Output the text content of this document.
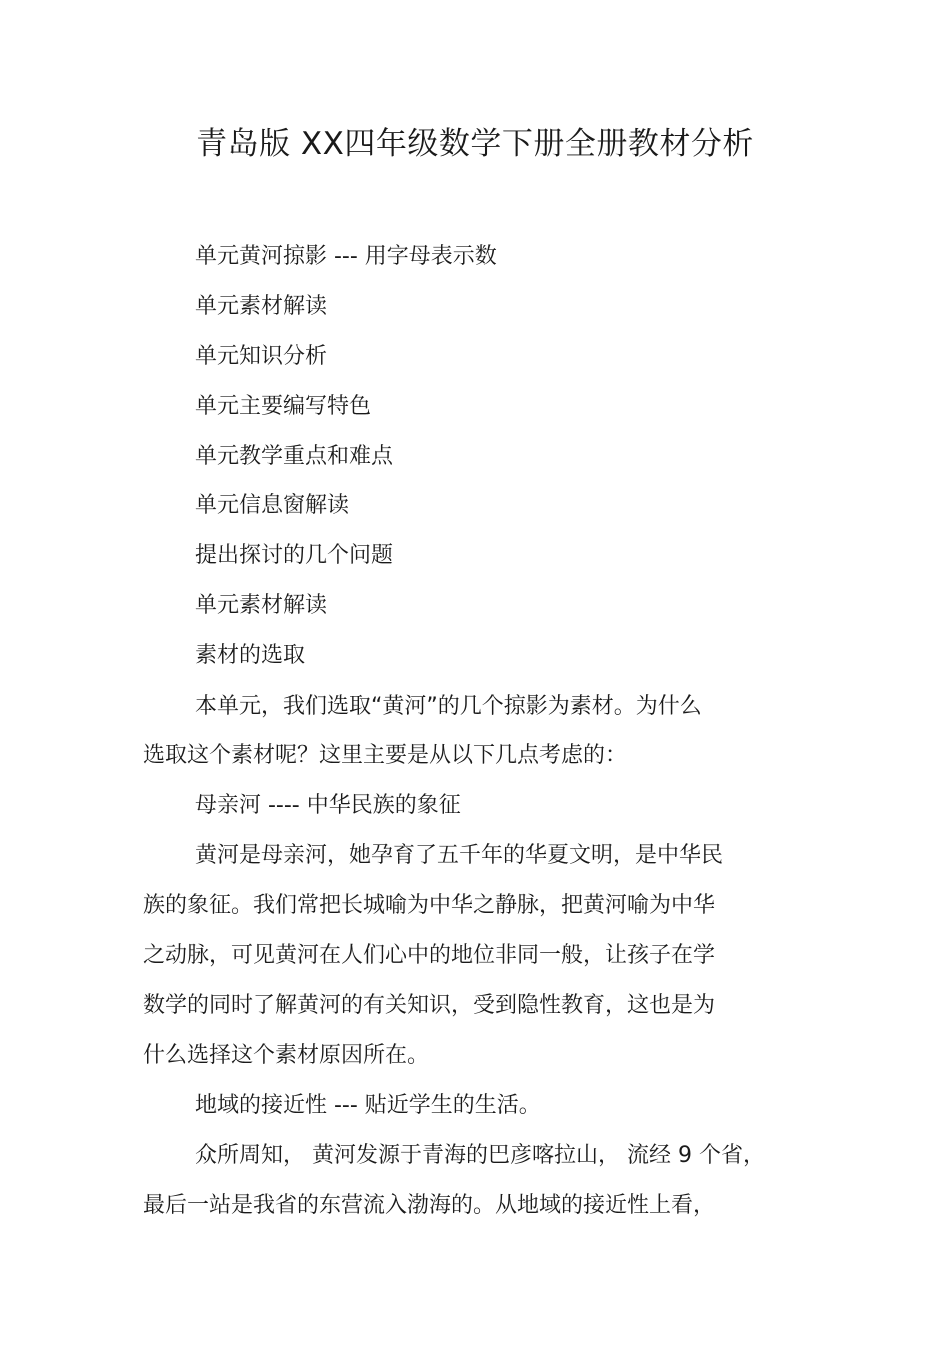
青岛版 XX四年级数学下册全册教材分析

单元黄河掠影 --- 用字母表示数

单元素材解读

单元知识分析

单元主要编写特色

单元教学重点和难点

单元信息窗解读

提出探讨的几个问题

单元素材解读

素材的选取

本单元，我们选取“黄河”的几个掠影为素材。为什么

选取这个素材呢？这里主要是从以下几点考虑的：

母亲河 ---- 中华民族的象征

黄河是母亲河，她孕育了五千年的华夏文明，是中华民

族的象征。我们常把长城喻为中华之静脉，把黄河喻为中华

之动脉，可见黄河在人们心中的地位非同一般，让孩子在学

数学的同时了解黄河的有关知识，受到隐性教育，这也是为

什么选择这个素材原因所在。

地域的接近性 --- 贴近学生的生活。

众所周知， 黄河发源于青海的巴彦喀拉山， 流经 9 个省，

最后一站是我省的东营流入渤海的。从地域的接近性上看，
